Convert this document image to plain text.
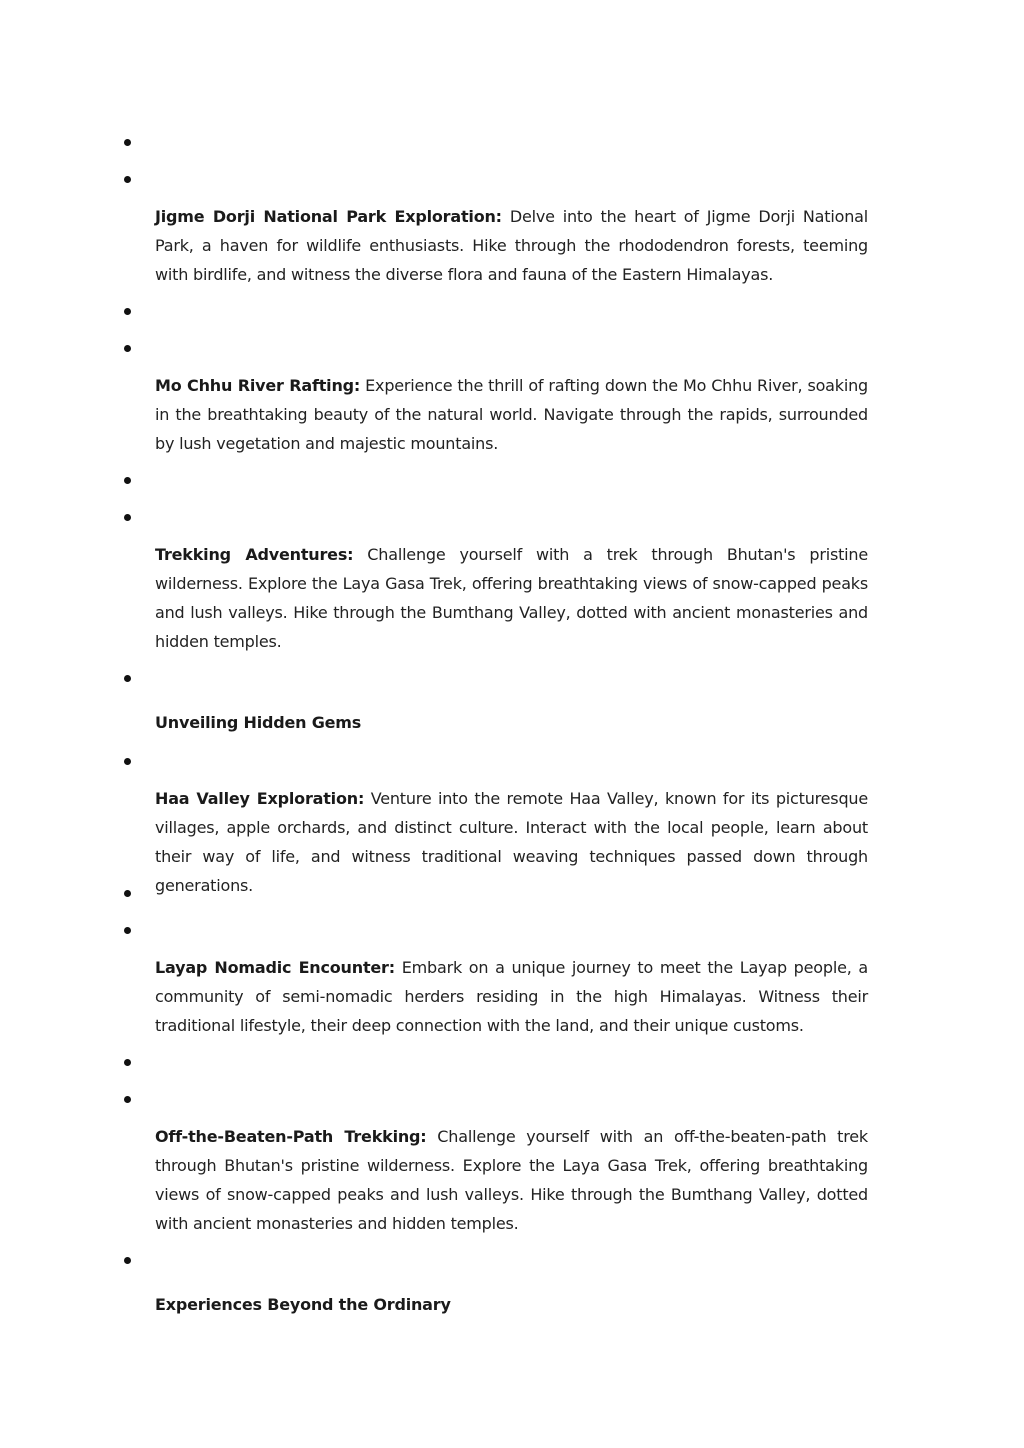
Jigme Dorji National Park Exploration: Delve into the heart of Jigme Dorji National Park, a haven for wildlife enthusiasts. Hike through the rhododendron forests, teeming with birdlife, and witness the diverse flora and fauna of the Eastern Himalayas.

Mo Chhu River Rafting: Experience the thrill of rafting down the Mo Chhu River, soaking in the breathtaking beauty of the natural world. Navigate through the rapids, surrounded by lush vegetation and majestic mountains.

Trekking Adventures: Challenge yourself with a trek through Bhutan's pristine wilderness. Explore the Laya Gasa Trek, offering breathtaking views of snow-capped peaks and lush valleys. Hike through the Bumthang Valley, dotted with ancient monasteries and hidden temples.

Unveiling Hidden Gems

Haa Valley Exploration: Venture into the remote Haa Valley, known for its picturesque villages, apple orchards, and distinct culture. Interact with the local people, learn about their way of life, and witness traditional weaving techniques passed down through generations.

Layap Nomadic Encounter: Embark on a unique journey to meet the Layap people, a community of semi-nomadic herders residing in the high Himalayas. Witness their traditional lifestyle, their deep connection with the land, and their unique customs.

Off-the-Beaten-Path Trekking: Challenge yourself with an off-the-beaten-path trek through Bhutan's pristine wilderness. Explore the Laya Gasa Trek, offering breathtaking views of snow-capped peaks and lush valleys. Hike through the Bumthang Valley, dotted with ancient monasteries and hidden temples.

Experiences Beyond the Ordinary
